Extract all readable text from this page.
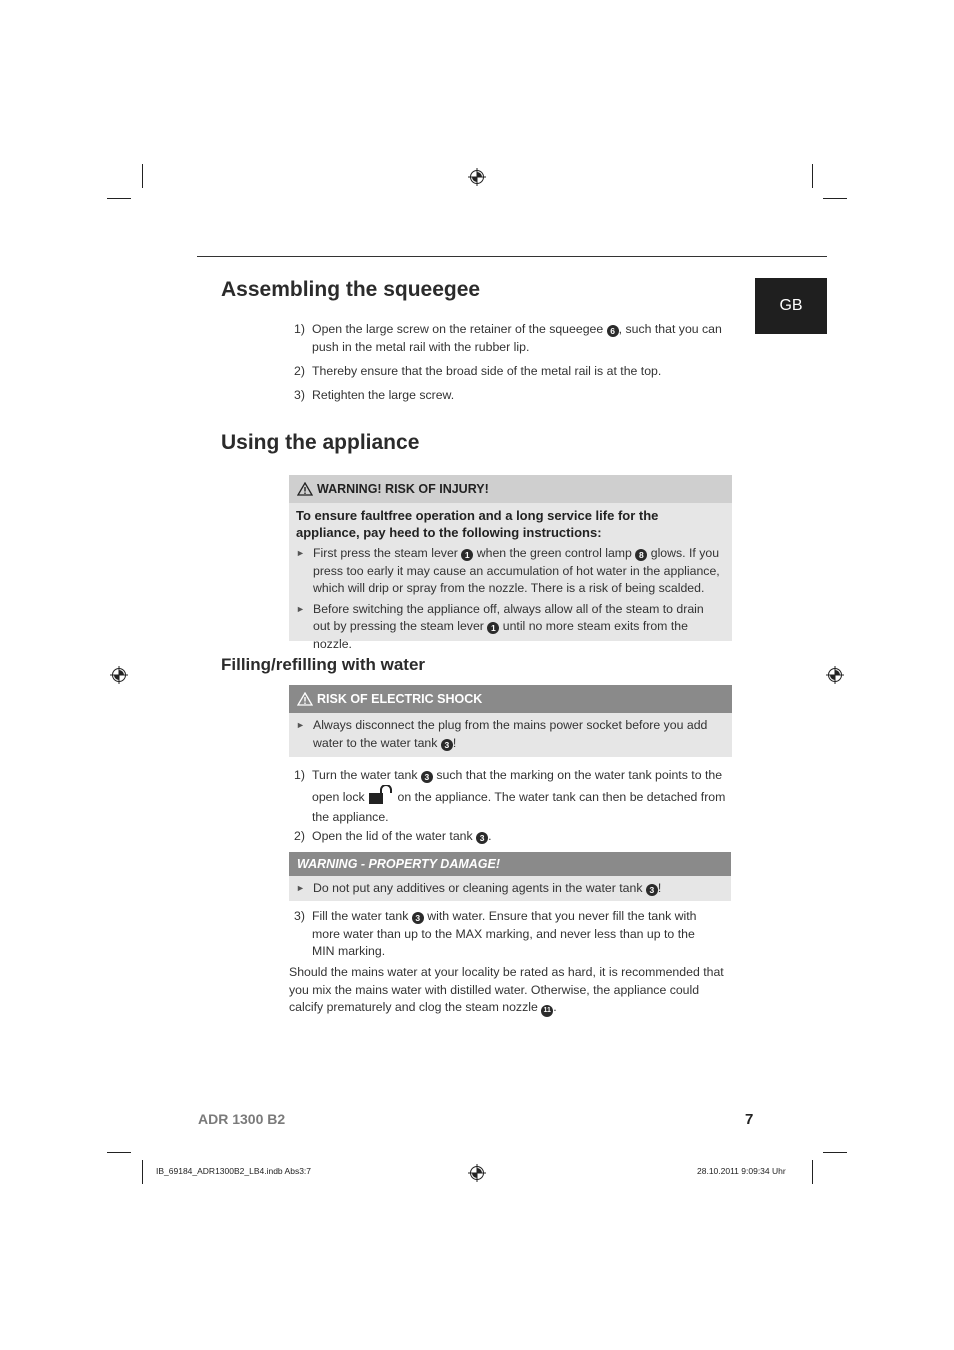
GB
Assembling the squeegee
1) Open the large screw on the retainer of the squeegee 6 , such that you can push in the metal rail with the rubber lip.
2) Thereby ensure that the broad side of the metal rail is at the top.
3) Retighten the large screw.
Using the appliance
WARNING! RISK OF INJURY!
To ensure faultfree operation and a long service life for the appliance, pay heed to the following instructions:
► First press the steam lever 1 when the green control lamp 8 glows. If you press too early it may cause an accumulation of hot water in the appliance, which will drip or spray from the nozzle. There is a risk of being scalded.
► Before switching the appliance off, always allow all of the steam to drain out by pressing the steam lever 1 until no more steam exits from the nozzle.
Filling/refilling with water
RISK OF ELECTRIC SHOCK
► Always disconnect the plug from the mains power socket before you add water to the water tank 3 !
1) Turn the water tank 3 such that the marking on the water tank points to the open lock	on the appliance. The water tank can then be detached from the appliance.
2) Open the lid of the water tank 3 .
WARNING - PROPERTY DAMAGE!
► Do not put any additives or cleaning agents in the water tank 3 !
3) Fill the water tank 3 with water. Ensure that you never fill the tank with more water than up to the MAX marking, and never less than up to the MIN marking.
Should the mains water at your locality be rated as hard, it is recommended that you mix the mains water with distilled water. Otherwise, the appliance could calcify prematurely and clog the steam nozzle 11 .
ADR 1300 B2	7
IB_69184_ADR1300B2_LB4.indb Abs3:7	28.10.2011 9:09:34 Uhr
